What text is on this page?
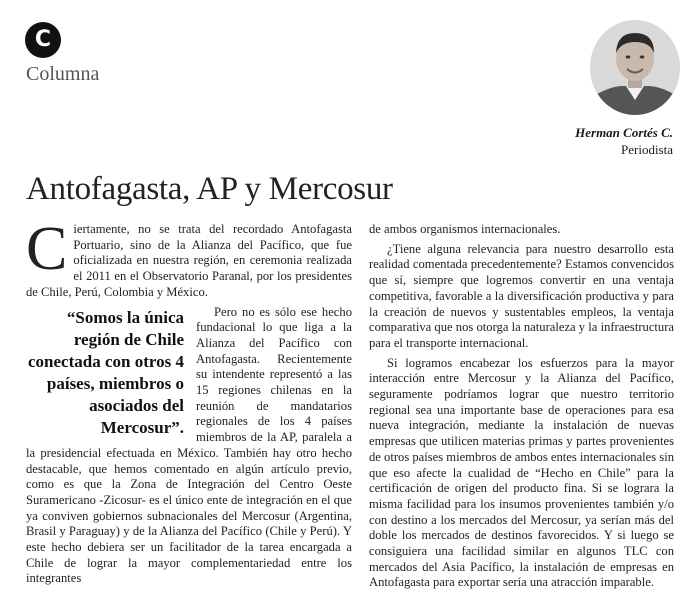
C
Columna
Herman Cortés C.
Periodista
Antofagasta, AP y Mercosur

Ciertamente, no se trata del recordado Antofagasta Portuario, sino de la Alianza del Pacífico, que fue oficializada en nuestra región, en ceremonia realizada el 2011 en el Observatorio Paranal, por los presidentes de Chile, Perú, Colombia y México.

“Somos la única región de Chile conectada con otros 4 países, miembros o asociados del Mercosur”.
Pero no es sólo ese hecho fundacional lo que liga a la Alianza del Pacífico con Antofagasta. Recientemente su intendente representó a las 15 regiones chilenas en la reunión de mandatarios regionales de los 4 países miembros de la AP, paralela a la presidencial efectuada en México. También hay otro hecho destacable, que hemos comentado en algún artículo previo, como es que la Zona de Integración del Centro Oeste Suramericano -Zicosur- es el único ente de integración en el que ya conviven gobiernos subnacionales del Mercosur (Argentina, Brasil y Paraguay) y de la Alianza del Pacífico (Chile y Perú). Y este hecho debiera ser un facilitador de la tarea encargada a Chile de lograr la mayor complementariedad entre los integrantes

de ambos organismos internacionales.

¿Tiene alguna relevancia para nuestro desarrollo esta realidad comentada precedentemente? Estamos convencidos que sí, siempre que logremos convertir en una ventaja competitiva, favorable a la diversificación productiva y para la creación de nuevos y sustentables empleos, la ventaja comparativa que nos otorga la naturaleza y la infraestructura para el transporte internacional.

Si logramos encabezar los esfuerzos para la mayor interacción entre Mercosur y la Alianza del Pacífico, seguramente podríamos lograr que nuestro territorio regional sea una importante base de operaciones para esa nueva integración, mediante la instalación de nuevas empresas que utilicen materias primas y partes provenientes de otros países miembros de ambos entes internacionales sin que eso afecte la cualidad de “Hecho en Chile” para la certificación de origen del producto fina. Si se lograra la misma facilidad para los insumos provenientes también y/o con destino a los mercados del Mercosur, ya serían más del doble los mercados de destinos favorecidos. Y si luego se consiguiera una facilidad similar en algunos TLC con mercados del Asia Pacífico, la instalación de empresas en Antofagasta para exportar sería una atracción imparable.
